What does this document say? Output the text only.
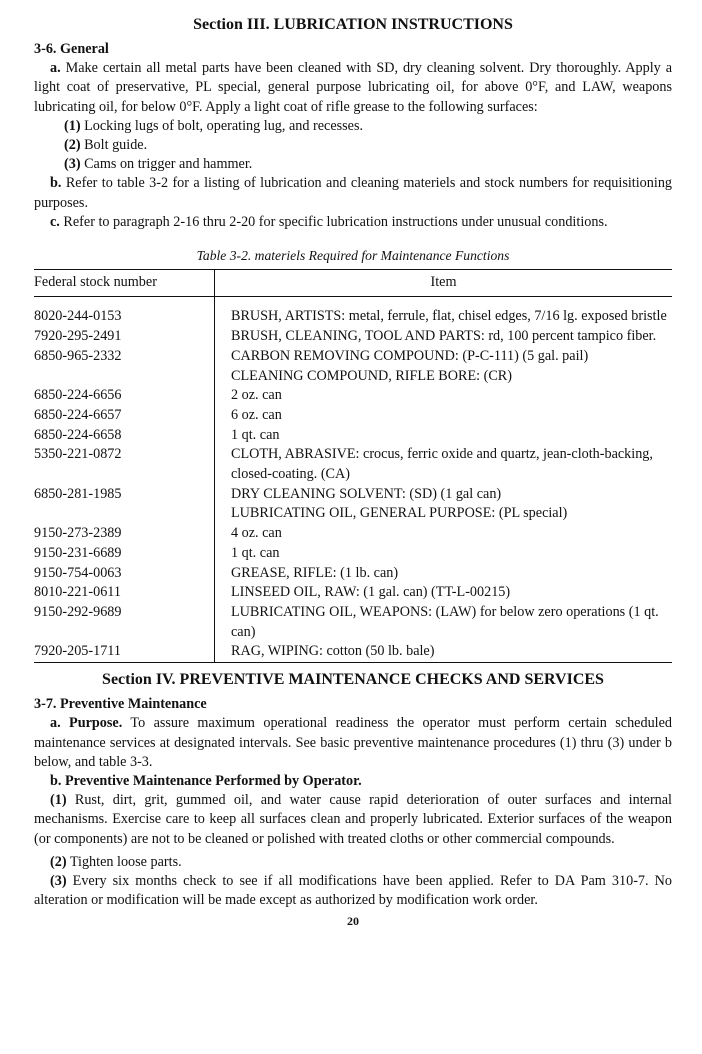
Section III. LUBRICATION INSTRUCTIONS

3-6. General

a. Make certain all metal parts have been cleaned with SD, dry cleaning solvent. Dry thoroughly. Apply a light coat of preservative, PL special, general purpose lubricating oil, for above 0°F, and LAW, weapons lubricating oil, for below 0°F. Apply a light coat of rifle grease to the following surfaces:

(1) Locking lugs of bolt, operating lug, and recesses.

(2) Bolt guide.

(3) Cams on trigger and hammer.

b. Refer to table 3-2 for a listing of lubrication and cleaning materiels and stock numbers for requisitioning purposes.

c. Refer to paragraph 2-16 thru 2-20 for specific lubrication instructions under unusual conditions.

Table 3-2. materiels Required for Maintenance Functions
Federal stock number	Item
8020-244-0153	BRUSH, ARTISTS: metal, ferrule, flat, chisel edges, 7/16 lg. exposed bristle
7920-295-2491	BRUSH, CLEANING, TOOL AND PARTS: rd, 100 percent tampico fiber.
6850-965-2332	CARBON REMOVING COMPOUND: (P-C-111) (5 gal. pail)
	CLEANING COMPOUND, RIFLE BORE: (CR)
6850-224-6656	2 oz. can
6850-224-6657	6 oz. can
6850-224-6658	1 qt. can
5350-221-0872	CLOTH, ABRASIVE: crocus, ferric oxide and quartz, jean-cloth-backing, closed-coating. (CA)
6850-281-1985	DRY CLEANING SOLVENT: (SD) (1 gal can)
	LUBRICATING OIL, GENERAL PURPOSE: (PL special)
9150-273-2389	4 oz. can
9150-231-6689	1 qt. can
9150-754-0063	GREASE, RIFLE: (1 lb. can)
8010-221-0611	LINSEED OIL, RAW: (1 gal. can) (TT-L-00215)
9150-292-9689	LUBRICATING OIL, WEAPONS: (LAW) for below zero operations (1 qt. can)
7920-205-1711	RAG, WIPING: cotton (50 lb. bale)
Section IV. PREVENTIVE MAINTENANCE CHECKS AND SERVICES

3-7. Preventive Maintenance

a. Purpose. To assure maximum operational readiness the operator must perform certain scheduled maintenance services at designated intervals. See basic preventive maintenance procedures (1) thru (3) under b below, and table 3-3.

b. Preventive Maintenance Performed by Operator.

(1) Rust, dirt, grit, gummed oil, and water cause rapid deterioration of outer surfaces and internal mechanisms. Exercise care to keep all surfaces clean and properly lubricated. Exterior surfaces of the weapon (or components) are not to be cleaned or polished with treated cloths or other commercial compounds.

(2) Tighten loose parts.

(3) Every six months check to see if all modifications have been applied. Refer to DA Pam 310-7. No alteration or modification will be made except as authorized by modification work order.

20
